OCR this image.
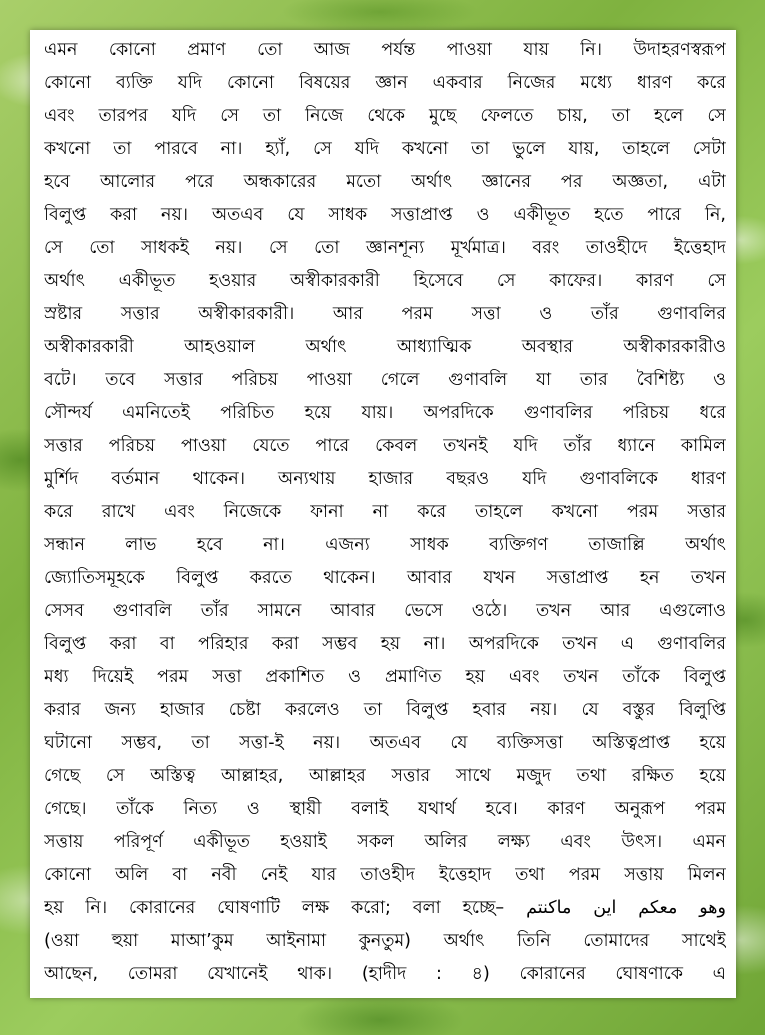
এমন কোনো প্রমাণ তো আজ পর্যন্ত পাওয়া যায় নি। উদাহরণস্বরূপ
কোনো ব্যক্তি যদি কোনো বিষয়ের জ্ঞান একবার নিজের মধ্যে ধারণ করে
এবং তারপর যদি সে তা নিজে থেকে মুছে ফেলতে চায়, তা হলে সে
কখনো তা পারবে না। হ্যাঁ, সে যদি কখনো তা ভুলে যায়, তাহলে সেটা
হবে আলোর পরে অন্ধকারের মতো অর্থাৎ জ্ঞানের পর অজ্ঞতা, এটা
বিলুপ্ত করা নয়। অতএব যে সাধক সত্তাপ্রাপ্ত ও একীভূত হতে পারে নি,
সে তো সাধকই নয়। সে তো জ্ঞানশূন্য মূর্খমাত্র। বরং তাওহীদে ইত্তেহাদ
অর্থাৎ একীভূত হওয়ার অস্বীকারকারী হিসেবে সে কাফের। কারণ সে
স্রষ্টার সত্তার অস্বীকারকারী। আর পরম সত্তা ও তাঁর গুণাবলির
অস্বীকারকারী আহওয়াল অর্থাৎ আধ্যাত্মিক অবস্থার অস্বীকারকারীও
বটে। তবে সত্তার পরিচয় পাওয়া গেলে গুণাবলি যা তার বৈশিষ্ট্য ও
সৌন্দর্য এমনিতেই পরিচিত হয়ে যায়। অপরদিকে গুণাবলির পরিচয় ধরে
সত্তার পরিচয় পাওয়া যেতে পারে কেবল তখনই যদি তাঁর ধ্যানে কামিল
মুর্শিদ বর্তমান থাকেন। অন্যথায় হাজার বছরও যদি গুণাবলিকে ধারণ
করে রাখে এবং নিজেকে ফানা না করে তাহলে কখনো পরম সত্তার
সন্ধান লাভ হবে না। এজন্য সাধক ব্যক্তিগণ তাজাল্লি অর্থাৎ
জ্যোতিসমূহকে বিলুপ্ত করতে থাকেন। আবার যখন সত্তাপ্রাপ্ত হন তখন
সেসব গুণাবলি তাঁর সামনে আবার ভেসে ওঠে। তখন আর এগুলোও
বিলুপ্ত করা বা পরিহার করা সম্ভব হয় না। অপরদিকে তখন এ গুণাবলির
মধ্য দিয়েই পরম সত্তা প্রকাশিত ও প্রমাণিত হয় এবং তখন তাঁকে বিলুপ্ত
করার জন্য হাজার চেষ্টা করলেও তা বিলুপ্ত হবার নয়। যে বস্তুর বিলুপ্তি
ঘটানো সম্ভব, তা সত্তা-ই নয়। অতএব যে ব্যক্তিসত্তা অস্তিত্বপ্রাপ্ত হয়ে
গেছে সে অস্তিত্ব আল্লাহর, আল্লাহর সত্তার সাথে মজুদ তথা রক্ষিত হয়ে
গেছে। তাঁকে নিত্য ও স্থায়ী বলাই যথার্থ হবে। কারণ অনুরূপ পরম
সত্তায় পরিপূর্ণ একীভূত হওয়াই সকল অলির লক্ষ্য এবং উৎস। এমন
কোনো অলি বা নবী নেই যার তাওহীদ ইত্তেহাদ তথা পরম সত্তায় মিলন
হয় নি। কোরানের ঘোষণাটি লক্ষ করো; বলা হচ্ছে– وهو معكم اين ماكنتم
(ওয়া হুয়া মাআ’কুম আইনামা কুনতুম) অর্থাৎ তিনি তোমাদের সাথেই
আছেন, তোমরা যেখানেই থাক। (হাদীদ : ৪) কোরানের ঘোষণাকে এ
